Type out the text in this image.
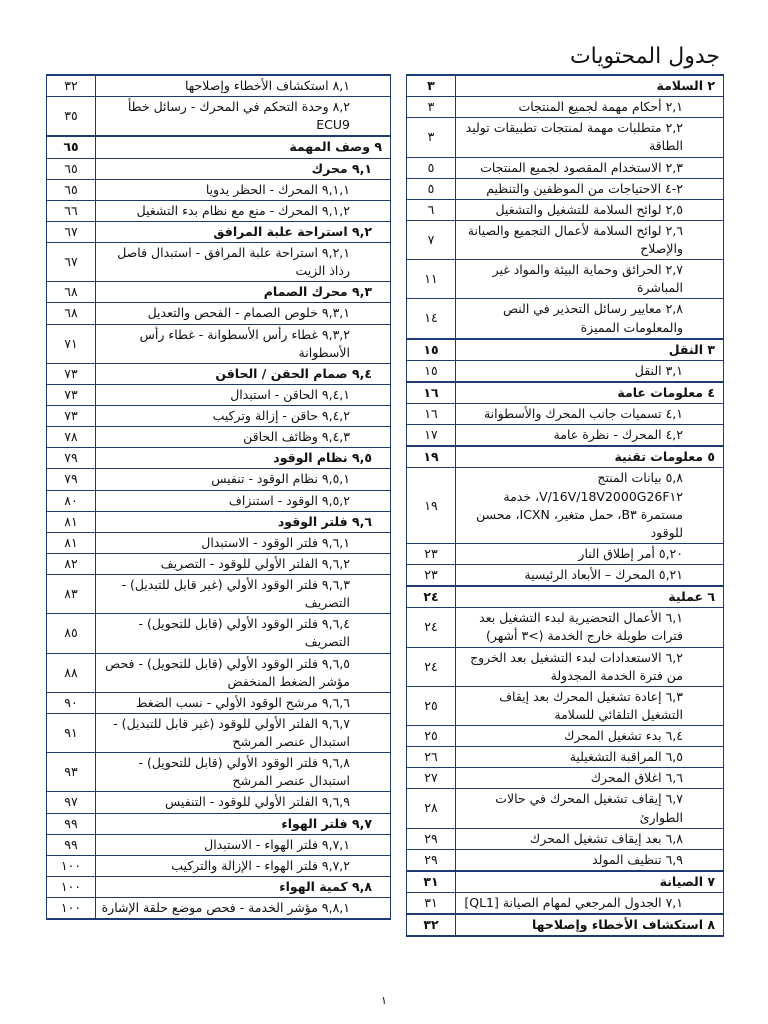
جدول المحتويات
٢ السلامة	٣
٢,١ أحكام مهمة لجميع المنتجات	٣
٢,٢ متطلبات مهمة لمنتجات تطبيقات توليد الطاقة	٣
٢,٣ الاستخدام المقصود لجميع المنتجات	٥
٢-٤ الاحتياجات من الموظفين والتنظيم	٥
٢,٥ لوائح السلامة للتشغيل والتشغيل	٦
٢,٦ لوائح السلامة لأعمال التجميع والصيانة والإصلاح	٧
٢,٧ الحرائق وحماية البيئة والمواد غير المباشرة	١١
٢,٨ معايير رسائل التحذير في النص والمعلومات المميزة	١٤
٣ النقل	١٥
٣,١ النقل	١٥
٤ معلومات عامة	١٦
٤,١ تسميات جانب المحرك والأسطوانة	١٦
٤,٢ المحرك - نظرة عامة	١٧
٥ معلومات تقنية	١٩
٥,٨ بيانات المنتج V/16V/18V2000G26F١٢، خدمة مستمرة B٣، حمل متغير، ICXN، محسن للوقود	١٩
٥,٢٠ أمر إطلاق النار	٢٣
٥,٢١ المحرك – الأبعاد الرئيسية	٢٣
٦ عملية	٢٤
٦,١ الأعمال التحضيرية لبدء التشغيل بعد فترات طويلة خارج الخدمة (>٣ أشهر)	٢٤
٦,٢ الاستعدادات لبدء التشغيل بعد الخروج من فترة الخدمة المجدولة	٢٤
٦,٣ إعادة تشغيل المحرك بعد إيقاف التشغيل التلقائي للسلامة	٢٥
٦,٤ بدء تشغيل المحرك	٢٥
٦,٥ المراقبة التشغيلية	٢٦
٦,٦ اغلاق المحرك	٢٧
٦,٧ إيقاف تشغيل المحرك في حالات الطوارئ	٢٨
٦,٨ بعد إيقاف تشغيل المحرك	٢٩
٦,٩ تنظيف المولد	٢٩
٧ الصيانة	٣١
٧,١ الجدول المرجعي لمهام الصيانة [QL1]	٣١
٨ استكشاف الأخطاء وإصلاحها	٣٢
٨,١ استكشاف الأخطاء وإصلاحها	٣٢
٨,٢ وحدة التحكم في المحرك - رسائل خطأ ECU9	٣٥
٩ وصف المهمة	٦٥
٩,١ محرك	٦٥
٩,١,١ المحرك - الحظر يدويا	٦٥
٩,١,٢ المحرك - منع مع نظام بدء التشغيل	٦٦
٩,٢ استراحة علبة المرافق	٦٧
٩,٢,١ استراحة علبة المرافق - استبدال فاصل رذاذ الزيت	٦٧
٩,٣ محرك الصمام	٦٨
٩,٣,١ خلوص الصمام - الفحص والتعديل	٦٨
٩,٣,٢ غطاء رأس الأسطوانة - غطاء رأس الأسطوانة	٧١
٩,٤ صمام الحقن / الحاقن	٧٣
٩,٤,١ الحاقن - استبدال	٧٣
٩,٤,٢ حاقن - إزالة وتركيب	٧٣
٩,٤,٣ وظائف الحاقن	٧٨
٩,٥ نظام الوقود	٧٩
٩,٥,١ نظام الوقود - تنفيس	٧٩
٩,٥,٢ الوقود - استنزاف	٨٠
٩,٦ فلتر الوقود	٨١
٩,٦,١ فلتر الوقود - الاستبدال	٨١
٩,٦,٢ الفلتر الأولي للوقود - التصريف	٨٢
٩,٦,٣ فلتر الوقود الأولي (غير قابل للتبديل) - التصريف	٨٣
٩,٦,٤ فلتر الوقود الأولي (قابل للتحويل) - التصريف	٨٥
٩,٦,٥ فلتر الوقود الأولي (قابل للتحويل) - فحص مؤشر الضغط المنخفض	٨٨
٩,٦,٦ مرشح الوقود الأولي - نسب الضغط	٩٠
٩,٦,٧ الفلتر الأولي للوقود (غير قابل للتبديل) - استبدال عنصر المرشح	٩١
٩,٦,٨ فلتر الوقود الأولي (قابل للتحويل) - استبدال عنصر المرشح	٩٣
٩,٦,٩ الفلتر الأولي للوقود - التنفيس	٩٧
٩,٧ فلتر الهواء	٩٩
٩,٧,١ فلتر الهواء - الاستبدال	٩٩
٩,٧,٢ فلتر الهواء - الإزالة والتركيب	١٠٠
٩,٨ كمية الهواء	١٠٠
٩,٨,١ مؤشر الخدمة - فحص موضع حلقة الإشارة	١٠٠
١
